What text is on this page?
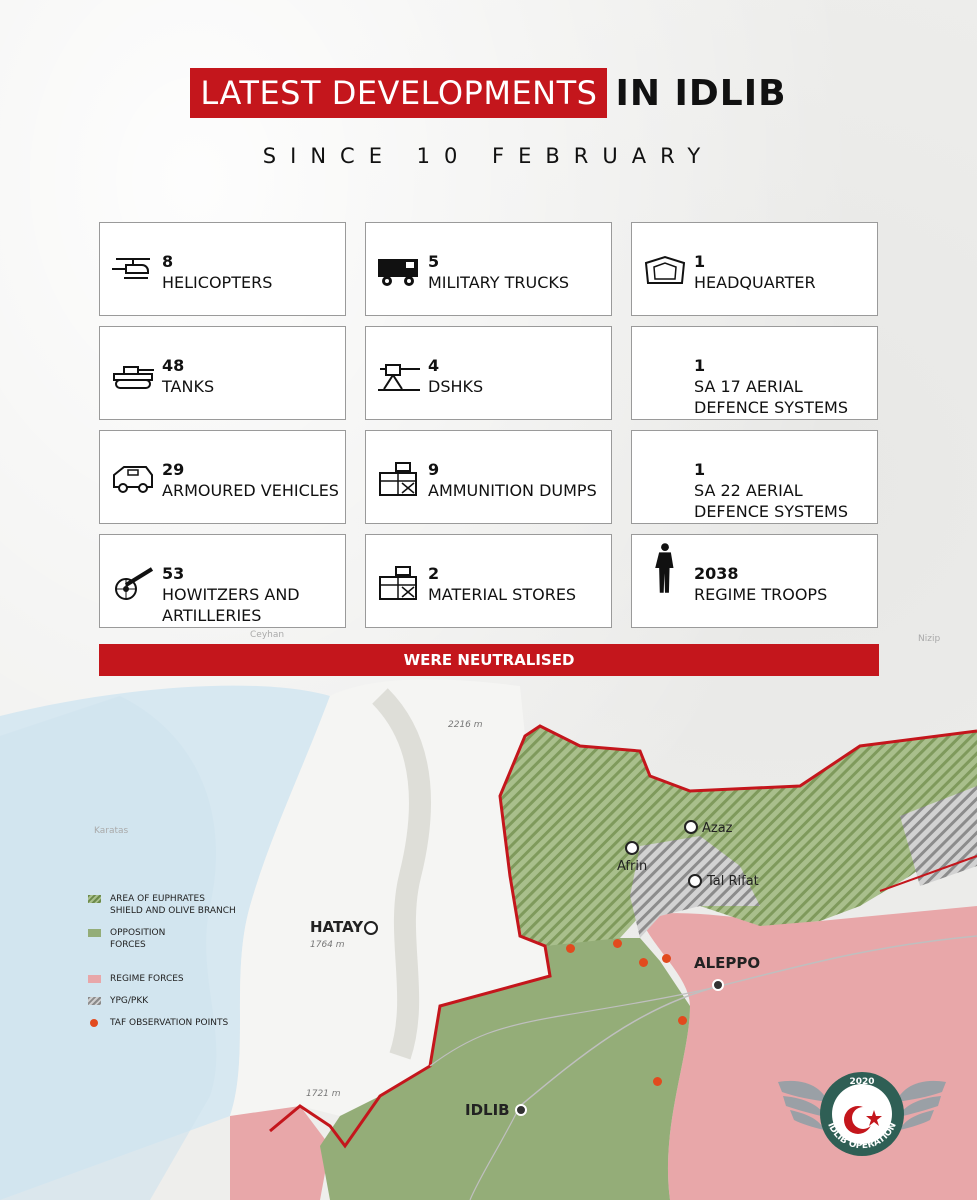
LATEST DEVELOPMENTS IN IDLIB
SINCE 10 FEBRUARY
8
HELICOPTERS
5
MILITARY TRUCKS
1
HEADQUARTER
48
TANKS
4
DSHKS
1
SA 17 AERIAL
DEFENCE SYSTEMS
29
ARMOURED VEHICLES
9
AMMUNITION DUMPS
1
SA 22 AERIAL
DEFENCE SYSTEMS
53
HOWITZERS AND
ARTILLERIES
2
MATERIAL STORES
2038
REGIME TROOPS
WERE NEUTRALISED
2216 m
1764 m
1721 m
Karatas
Ceyhan	Nizip
HATAY
ALEPPO
IDLIB
Afrin
Azaz
Tal Rifat
AREA OF EUPHRATES SHIELD AND OLIVE BRANCH
OPPOSITION FORCES
REGIME FORCES
YPG/PKK
TAF OBSERVATION POINTS
2020
IDLIB OPERATION
